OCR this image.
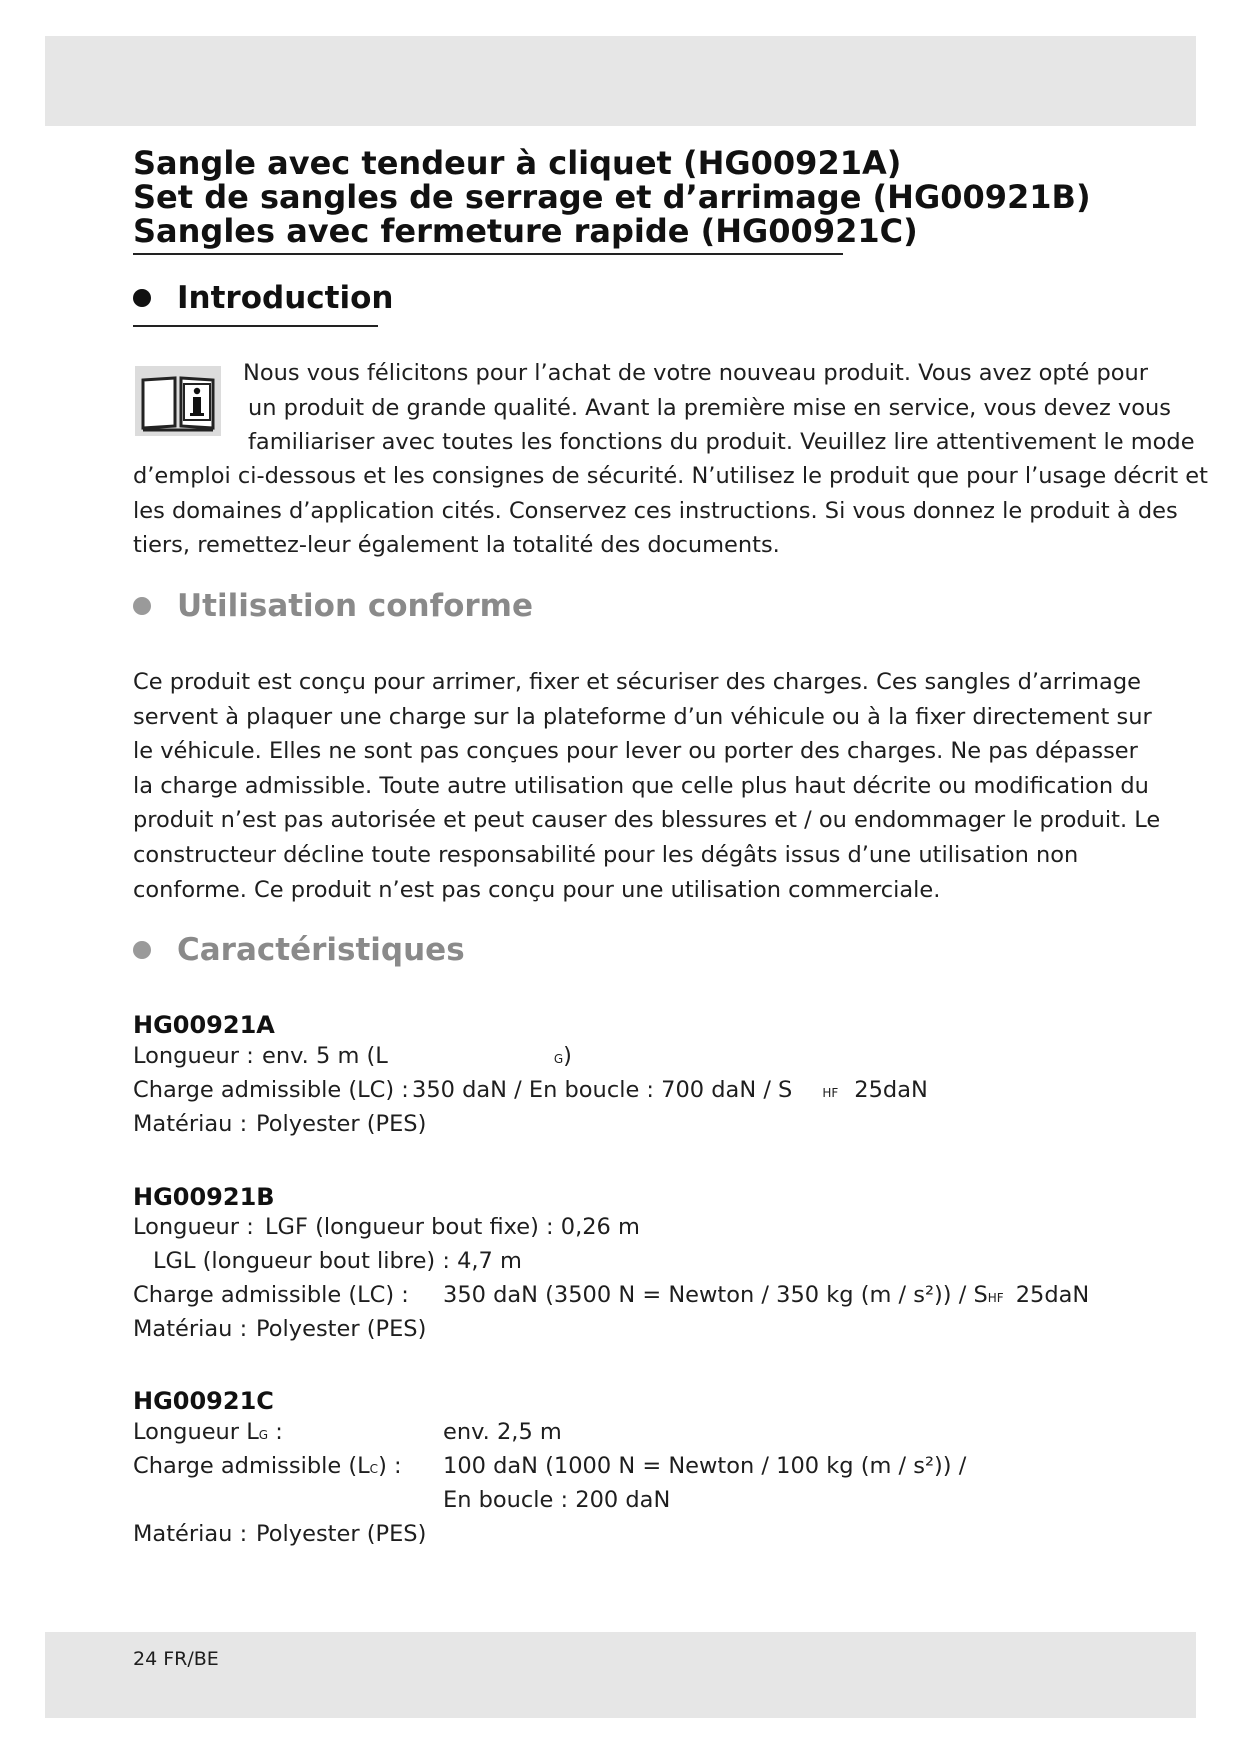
Sangle avec tendeur à cliquet (HG00921A)
Set de sangles de serrage et d’arrimage (HG00921B)
Sangles avec fermeture rapide (HG00921C)
Introduction
Nous vous félicitons pour l’achat de votre nouveau produit. Vous avez opté pour
un produit de grande qualité. Avant la première mise en service, vous devez vous
familiariser avec toutes les fonctions du produit. Veuillez lire attentivement le mode
d’emploi ci-dessous et les consignes de sécurité. N’utilisez le produit que pour l’usage décrit et
les domaines d’application cités. Conservez ces instructions. Si vous donnez le produit à des
tiers, remettez-leur également la totalité des documents.
Utilisation conforme
Ce produit est conçu pour arrimer, fixer et sécuriser des charges. Ces sangles d’arrimage
servent à plaquer une charge sur la plateforme d’un véhicule ou à la fixer directement sur
le véhicule. Elles ne sont pas conçues pour lever ou porter des charges. Ne pas dépasser
la charge admissible. Toute autre utilisation que celle plus haut décrite ou modification du
produit n’est pas autorisée et peut causer des blessures et / ou endommager le produit. Le
constructeur décline toute responsabilité pour les dégâts issus d’une utilisation non
conforme. Ce produit n’est pas conçu pour une utilisation commerciale.
Caractéristiques
HG00921A
Longueur : env. 5 m (L	G)
Charge admissible (LC) : 350 daN / En boucle : 700 daN / S	HF 25daN
Matériau : Polyester (PES)
HG00921B
Longueur : LGF (longueur bout fixe) : 0,26 m
LGL (longueur bout libre) : 4,7 m
Charge admissible (LC) : 350 daN (3500 N = Newton / 350 kg (m / s²)) / SHF 25daN
Matériau : Polyester (PES)
HG00921C
Longueur LG :	env. 2,5 m
Charge admissible (LC) : 100 daN (1000 N = Newton / 100 kg (m / s²)) /
En boucle : 200 daN
Matériau : Polyester (PES)
24 FR/BE
